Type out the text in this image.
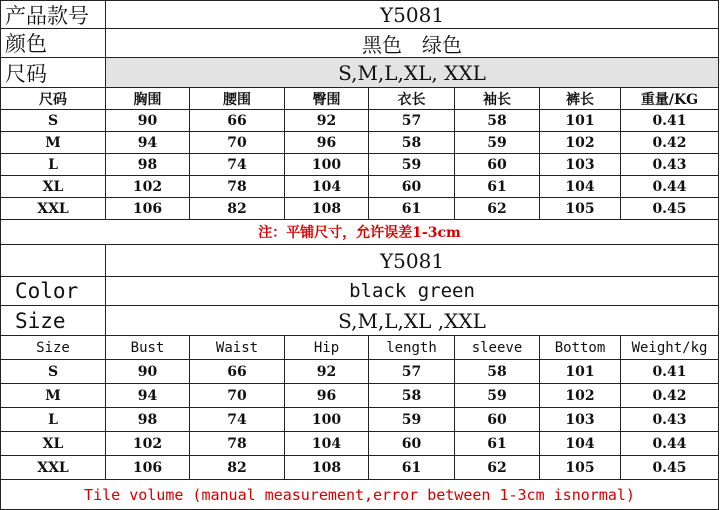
产品款号	Y5081
颜色	黑色　绿色
尺码	S,M,L,XL, XXL
尺码	胸围	腰围	臀围	衣长	袖长	裤长	重量/KG
S	90	66	92	57	58	101	0.41
M	94	70	96	58	59	102	0.42
L	98	74	100	59	60	103	0.43
XL	102	78	104	60	61	104	0.44
XXL	106	82	108	61	62	105	0.45
注：平铺尺寸，允许误差1-3cm
Y5081
Color	black green
Size	S,M,L,XL ,XXL
Size	Bust	Waist	Hip	length	sleeve	Bottom	Weight/kg
S	90	66	92	57	58	101	0.41
M	94	70	96	58	59	102	0.42
L	98	74	100	59	60	103	0.43
XL	102	78	104	60	61	104	0.44
XXL	106	82	108	61	62	105	0.45
Tile volume (manual measurement,error between 1-3cm isnormal)
